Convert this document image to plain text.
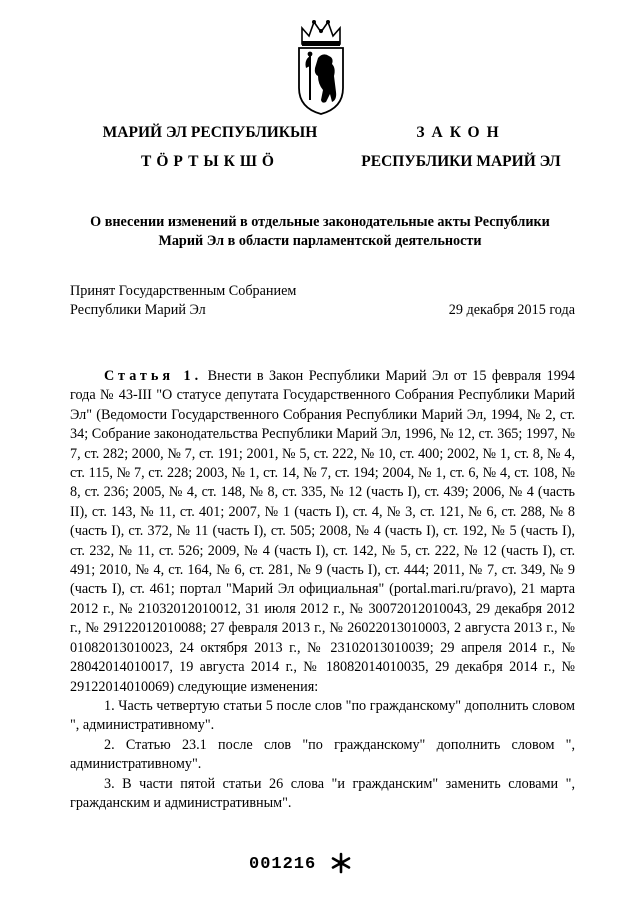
МАРИЙ ЭЛ РЕСПУБЛИКЫН
ТӦРТЫКШӦ
ЗАКОН
РЕСПУБЛИКИ МАРИЙ ЭЛ
О внесении изменений в отдельные законодательные акты Республики
Марий Эл в области парламентской деятельности
Принят Государственным Собранием
Республики Марий Эл	29 декабря 2015 года

Статья 1. Внести в Закон Республики Марий Эл от 15 февраля 1994 года № 43-III "О статусе депутата Государственного Собрания Республики Марий Эл" (Ведомости Государственного Собрания Республики Марий Эл, 1994, № 2, ст. 34; Собрание законодательства Республики Марий Эл, 1996, № 12, ст. 365; 1997, № 7, ст. 282; 2000, № 7, ст. 191; 2001, № 5, ст. 222, № 10, ст. 400; 2002, № 1, ст. 8, № 4, ст. 115, № 7, ст. 228; 2003, № 1, ст. 14, № 7, ст. 194; 2004, № 1, ст. 6, № 4, ст. 108, № 8, ст. 236; 2005, № 4, ст. 148, № 8, ст. 335, № 12 (часть I), ст. 439; 2006, № 4 (часть II), ст. 143, № 11, ст. 401; 2007, № 1 (часть I), ст. 4, № 3, ст. 121, № 6, ст. 288, № 8 (часть I), ст. 372, № 11 (часть I), ст. 505; 2008, № 4 (часть I), ст. 192, № 5 (часть I), ст. 232, № 11, ст. 526; 2009, № 4 (часть I), ст. 142, № 5, ст. 222, № 12 (часть I), ст. 491; 2010, № 4, ст. 164, № 6, ст. 281, № 9 (часть I), ст. 444; 2011, № 7, ст. 349, № 9 (часть I), ст. 461; портал "Марий Эл официальная" (portal.mari.ru/pravo), 21 марта 2012 г., № 21032012010012, 31 июля 2012 г., № 30072012010043, 29 декабря 2012 г., № 29122012010088; 27 февраля 2013 г., № 26022013010003, 2 августа 2013 г., № 01082013010023, 24 октября 2013 г., № 23102013010039; 29 апреля 2014 г., № 28042014010017, 19 августа 2014 г., № 18082014010035, 29 декабря 2014 г., № 29122014010069) следующие изменения:

1. Часть четвертую статьи 5 после слов "по гражданскому" дополнить словом ", административному".

2. Статью 23.1 после слов "по гражданскому" дополнить словом ", административному".

3. В части пятой статьи 26 слова "и гражданским" заменить словами ", гражданским и административным".

001216
